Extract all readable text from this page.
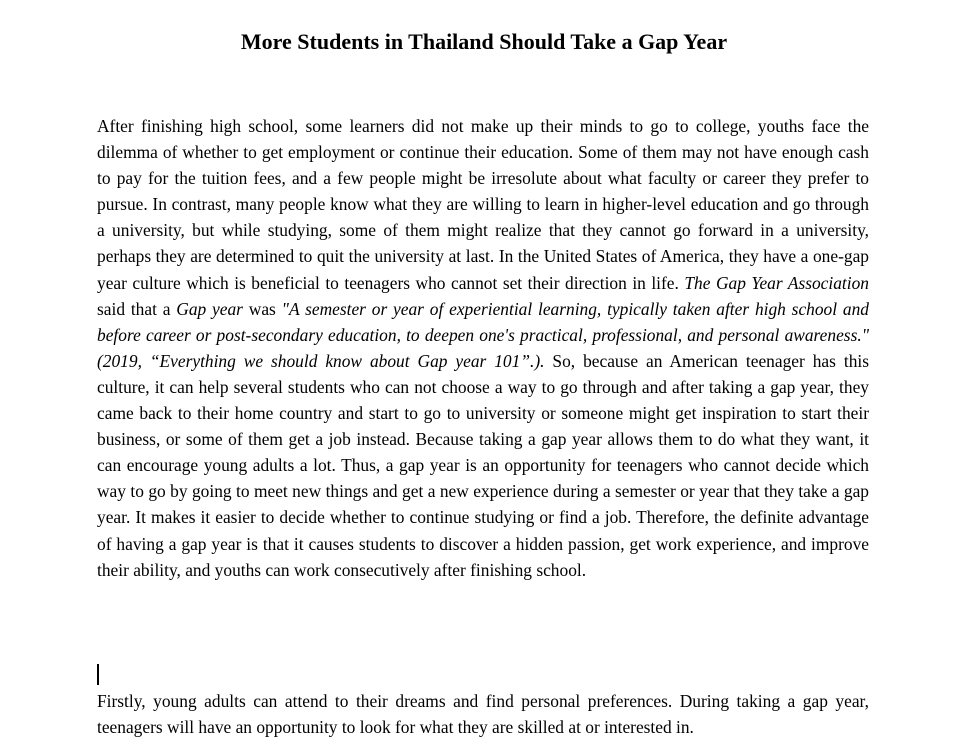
More Students in Thailand Should Take a Gap Year

After finishing high school, some learners did not make up their minds to go to college, youths face the dilemma of whether to get employment or continue their education. Some of them may not have enough cash to pay for the tuition fees, and a few people might be irresolute about what faculty or career they prefer to pursue. In contrast, many people know what they are willing to learn in higher-level education and go through a university, but while studying, some of them might realize that they cannot go forward in a university, perhaps they are determined to quit the university at last. In the United States of America, they have a one-gap year culture which is beneficial to teenagers who cannot set their direction in life. The Gap Year Association said that a Gap year was "A semester or year of experiential learning, typically taken after high school and before career or post-secondary education, to deepen one's practical, professional, and personal awareness." (2019, “Everything we should know about Gap year 101”.). So, because an American teenager has this culture, it can help several students who can not choose a way to go through and after taking a gap year, they came back to their home country and start to go to university or someone might get inspiration to start their business, or some of them get a job instead. Because taking a gap year allows them to do what they want, it can encourage young adults a lot. Thus, a gap year is an opportunity for teenagers who cannot decide which way to go by going to meet new things and get a new experience during a semester or year that they take a gap year. It makes it easier to decide whether to continue studying or find a job. Therefore, the definite advantage of having a gap year is that it causes students to discover a hidden passion, get work experience, and improve their ability, and youths can work consecutively after finishing school.

Firstly, young adults can attend to their dreams and find personal preferences. During taking a gap year, teenagers will have an opportunity to look for what they are skilled at or interested in.
